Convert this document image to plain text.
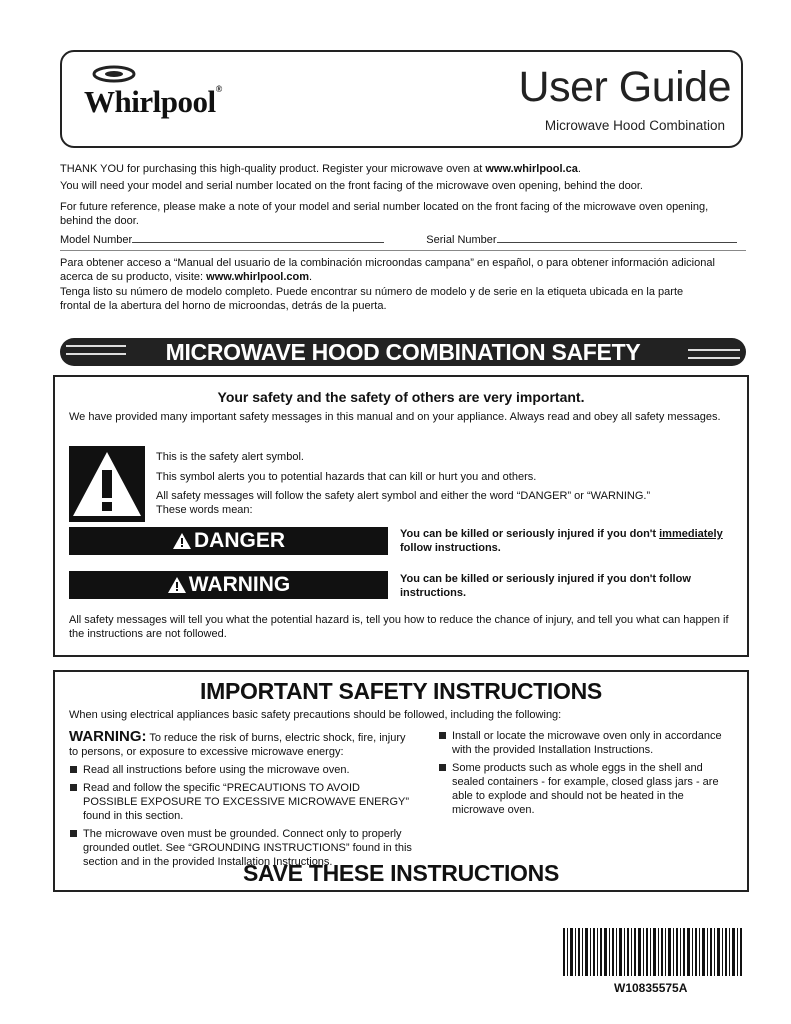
Whirlpool®	User Guide
Microwave Hood Combination
THANK YOU for purchasing this high-quality product. Register your microwave oven at www.whirlpool.ca.
You will need your model and serial number located on the front facing of the microwave oven opening, behind the door.
For future reference, please make a note of your model and serial number located on the front facing of the microwave oven opening, behind the door.
Model Number	Serial Number
Para obtener acceso a “Manual del usuario de la combinación microondas campana” en español, o para obtener información adicional acerca de su producto, visite: www.whirlpool.com.
Tenga listo su número de modelo completo. Puede encontrar su número de modelo y de serie en la etiqueta ubicada en la parte frontal de la abertura del horno de microondas, detrás de la puerta.
MICROWAVE HOOD COMBINATION SAFETY
Your safety and the safety of others are very important.
We have provided many important safety messages in this manual and on your appliance. Always read and obey all safety messages.
This is the safety alert symbol.
This symbol alerts you to potential hazards that can kill or hurt you and others.
All safety messages will follow the safety alert symbol and either the word “DANGER” or “WARNING.” These words mean:
DANGER	You can be killed or seriously injured if you don't immediately follow instructions.
WARNING	You can be killed or seriously injured if you don't follow instructions.
All safety messages will tell you what the potential hazard is, tell you how to reduce the chance of injury, and tell you what can happen if the instructions are not followed.
IMPORTANT SAFETY INSTRUCTIONS
When using electrical appliances basic safety precautions should be followed, including the following:
WARNING: To reduce the risk of burns, electric shock, fire, injury to persons, or exposure to excessive microwave energy:
Read all instructions before using the microwave oven.
Read and follow the specific “PRECAUTIONS TO AVOID POSSIBLE EXPOSURE TO EXCESSIVE MICROWAVE ENERGY” found in this section.
The microwave oven must be grounded. Connect only to properly grounded outlet. See “GROUNDING INSTRUCTIONS” found in this section and in the provided Installation Instructions.
Install or locate the microwave oven only in accordance with the provided Installation Instructions.
Some products such as whole eggs in the shell and sealed containers - for example, closed glass jars - are able to explode and should not be heated in the microwave oven.
SAVE THESE INSTRUCTIONS
W10835575A
